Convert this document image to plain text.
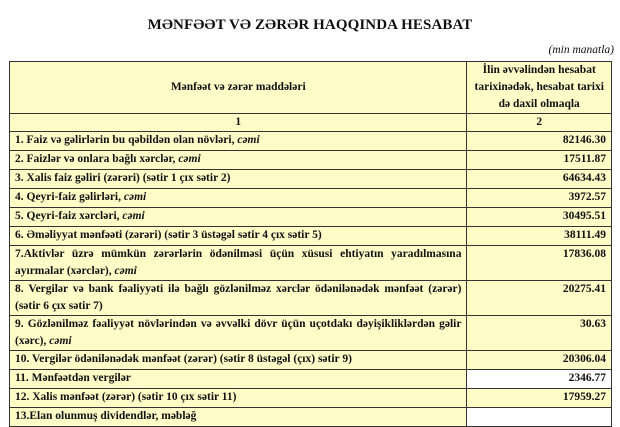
MƏNFƏƏT VƏ ZƏRƏR HAQQINDA HESABAT
(min manatla)
Mənfəət və zərər maddələri	İlin əvvəlindən hesabat tarixinədək, hesabat tarixi də daxil olmaqla
1	2
1. Faiz və gəlirlərin bu qəbildən olan növləri, cəmi	82146.30
2. Faizlər və onlara bağlı xərclər, cəmi	17511.87
3. Xalis faiz gəliri (zərəri) (sətir 1 çıx sətir 2)	64634.43
4. Qeyri-faiz gəlirləri, cəmi	3972.57
5. Qeyri-faiz xərcləri, cəmi	30495.51
6. Əməliyyat mənfəəti (zərəri) (sətir 3 üstəgəl sətir 4 çıx sətir 5)	38111.49
7.Aktivlər üzrə mümkün zərərlərin ödənilməsi üçün xüsusi ehtiyatın yaradılmasına ayırmalar (xərclər), cəmi	17836.08
8. Vergilər və bank fəaliyyəti ilə bağlı gözlənilməz xərclər ödənilənədək mənfəət (zərər) (sətir 6 çıx sətir 7)	20275.41
9. Gözlənilməz fəaliyyət növlərindən və əvvəlki dövr üçün uçotdakı dəyişikliklərdən gəlir (xərc), cəmi	30.63
10. Vergilər ödənilənədək mənfəət (zərər) (sətir 8 üstəgəl (çıx) sətir 9)	20306.04
11. Mənfəətdən vergilər	2346.77
12. Xalis mənfəət (zərər) (sətir 10 çıx sətir 11)	17959.27
13.Elan olunmuş dividendlər, məbləğ	
